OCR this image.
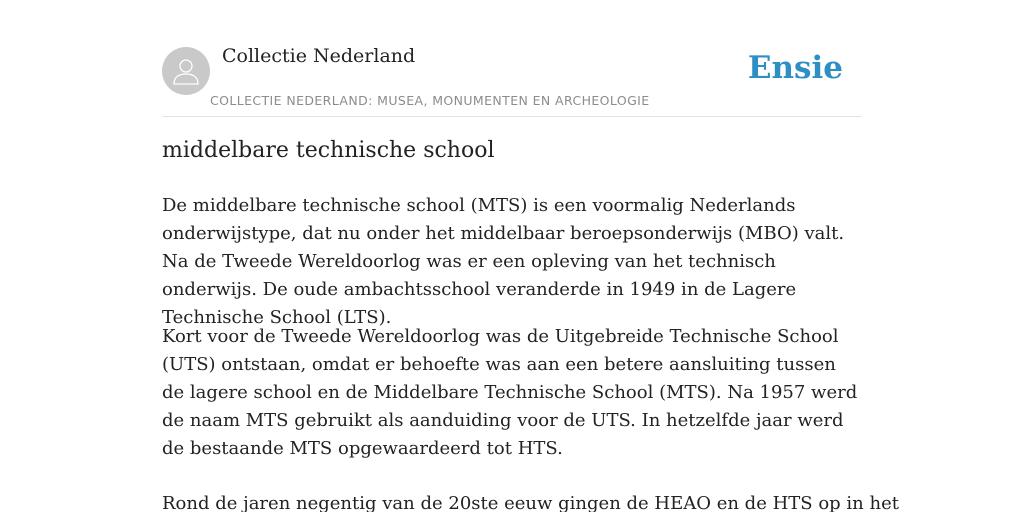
Collectie Nederland
COLLECTIE NEDERLAND: MUSEA, MONUMENTEN EN ARCHEOLOGIE
Ensie
middelbare technische school

De middelbare technische school (MTS) is een voormalig Nederlands onderwijstype, dat nu onder het middelbaar beroepsonderwijs (MBO) valt. Na de Tweede Wereldoorlog was er een opleving van het technisch onderwijs. De oude ambachtsschool veranderde in 1949 in de Lagere Technische School (LTS).

Kort voor de Tweede Wereldoorlog was de Uitgebreide Technische School (UTS) ontstaan, omdat er behoefte was aan een betere aansluiting tussen de lagere school en de Middelbare Technische School (MTS). Na 1957 werd de naam MTS gebruikt als aanduiding voor de UTS. In hetzelfde jaar werd de bestaande MTS opgewaardeerd tot HTS.

Rond de jaren negentig van de 20ste eeuw gingen de HEAO en de HTS op in het
